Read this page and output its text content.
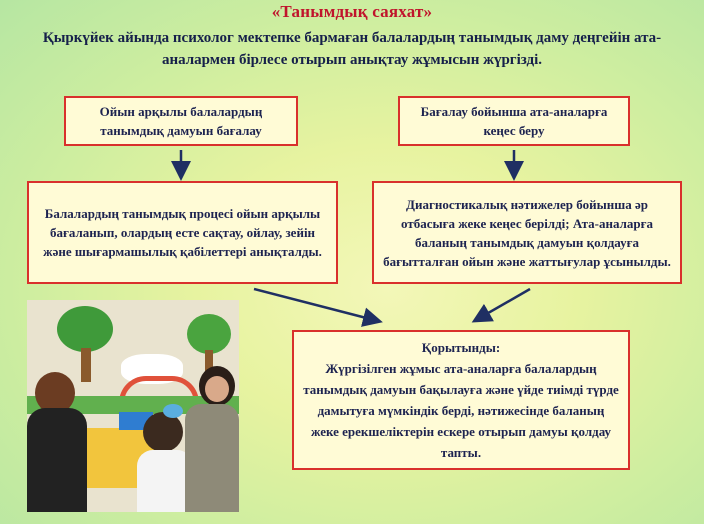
«Танымдық саяхат»
Қыркүйек айында психолог мектепке бармаған балалардың танымдық даму деңгейін ата-аналармен бірлесе отырып анықтау жұмысын жүргізді.
Ойын арқылы балалардың танымдық дамуын бағалау
Бағалау бойынша ата-аналарға кеңес беру
Балалардың танымдық процесі ойын арқылы бағаланып, олардың есте сақтау, ойлау, зейін және шығармашылық қабілеттері анықталды.
Диагностикалық нәтижелер бойынша әр отбасыға жеке кеңес берілді; Ата-аналарға баланың танымдық дамуын қолдауға бағытталған ойын және жаттығулар ұсынылды.
Қорытынды:
Жүргізілген жұмыс ата-аналарға балалардың танымдық дамуын бақылауға және үйде тиімді түрде дамытуға мүмкіндік берді, нәтижесінде баланың жеке ерекшеліктерін ескере отырып дамуы қолдау тапты.
